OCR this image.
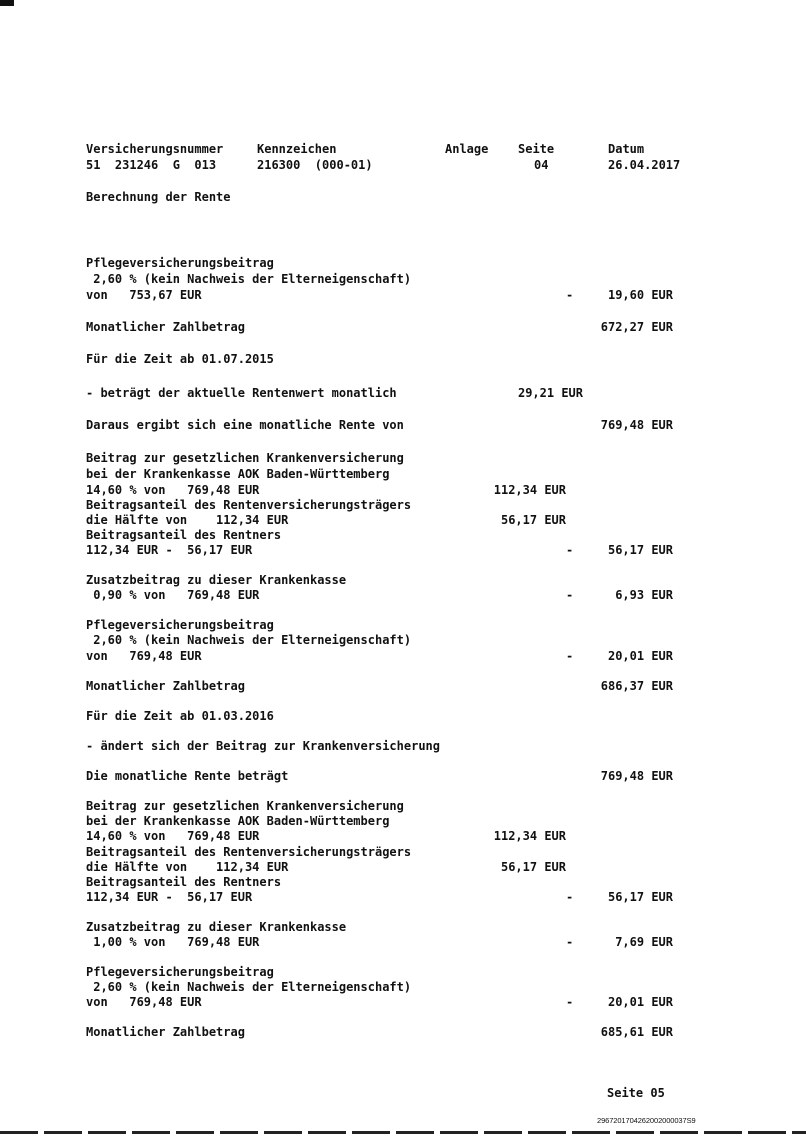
Versicherungsnummer	Kennzeichen	Anlage Seite	Datum
51  231246  G  013	216300  (000-01)	04	26.04.2017
Berechnung der Rente
Pflegeversicherungsbeitrag
2,60 % (kein Nachweis der Elterneigenschaft)
von   753,67 EUR	-	19,60 EUR
Monatlicher Zahlbetrag	672,27 EUR
Für die Zeit ab 01.07.2015
- beträgt der aktuelle Rentenwert monatlich	29,21 EUR
Daraus ergibt sich eine monatliche Rente von	769,48 EUR
Beitrag zur gesetzlichen Krankenversicherung
bei der Krankenkasse AOK Baden-Württemberg
14,60 % von   769,48 EUR	112,34 EUR
Beitragsanteil des Rentenversicherungsträgers
die Hälfte von    112,34 EUR	56,17 EUR
Beitragsanteil des Rentners
112,34 EUR -  56,17 EUR	-	56,17 EUR
Zusatzbeitrag zu dieser Krankenkasse
0,90 % von   769,48 EUR	-	6,93 EUR
Pflegeversicherungsbeitrag
2,60 % (kein Nachweis der Elterneigenschaft)
von   769,48 EUR	-	20,01 EUR
Monatlicher Zahlbetrag	686,37 EUR
Für die Zeit ab 01.03.2016
- ändert sich der Beitrag zur Krankenversicherung
Die monatliche Rente beträgt	769,48 EUR
Beitrag zur gesetzlichen Krankenversicherung
bei der Krankenkasse AOK Baden-Württemberg
14,60 % von   769,48 EUR	112,34 EUR
Beitragsanteil des Rentenversicherungsträgers
die Hälfte von    112,34 EUR	56,17 EUR
Beitragsanteil des Rentners
112,34 EUR -  56,17 EUR	-	56,17 EUR
Zusatzbeitrag zu dieser Krankenkasse
1,00 % von   769,48 EUR	-	7,69 EUR
Pflegeversicherungsbeitrag
2,60 % (kein Nachweis der Elterneigenschaft)
von   769,48 EUR	-	20,01 EUR
Monatlicher Zahlbetrag	685,61 EUR
Seite 05
2967201704262002000037S9
